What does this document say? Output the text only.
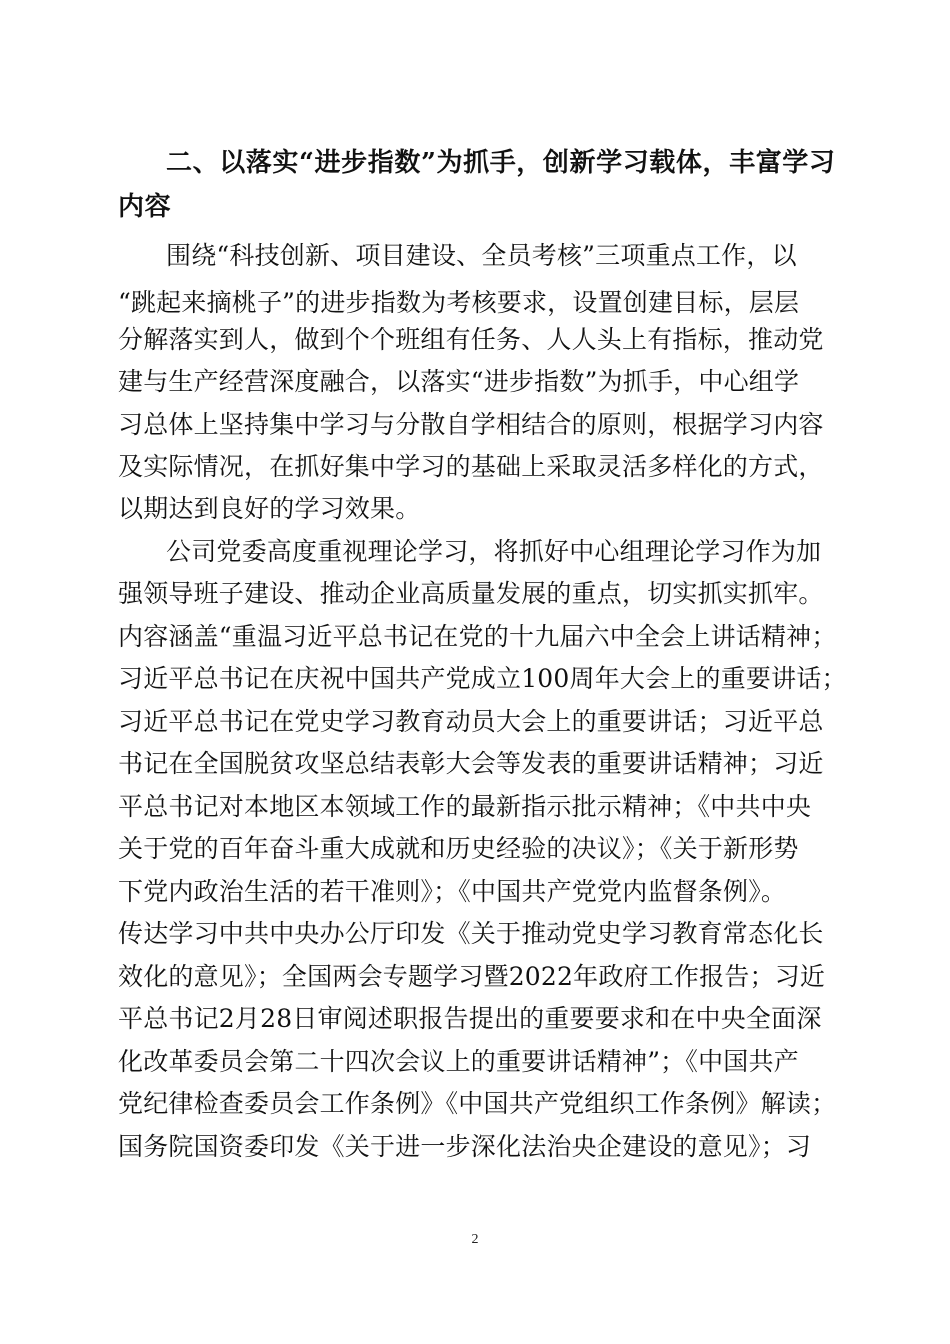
二、以落实“进步指数”为抓手，创新学习载体，丰富学习
内容
围绕“科技创新、项目建设、全员考核”三项重点工作，以
“跳起来摘桃子”的进步指数为考核要求，设置创建目标，层层
分解落实到人，做到个个班组有任务、人人头上有指标，推动党
建与生产经营深度融合，以落实“进步指数”为抓手，中心组学
习总体上坚持集中学习与分散自学相结合的原则，根据学习内容
及实际情况，在抓好集中学习的基础上采取灵活多样化的方式，
以期达到良好的学习效果。
公司党委高度重视理论学习，将抓好中心组理论学习作为加
强领导班子建设、推动企业高质量发展的重点，切实抓实抓牢。
内容涵盖“重温习近平总书记在党的十九届六中全会上讲话精神；
习近平总书记在庆祝中国共产党成立100周年大会上的重要讲话；
习近平总书记在党史学习教育动员大会上的重要讲话；习近平总
书记在全国脱贫攻坚总结表彰大会等发表的重要讲话精神；习近
平总书记对本地区本领域工作的最新指示批示精神；《中共中央
关于党的百年奋斗重大成就和历史经验的决议》；《关于新形势
下党内政治生活的若干准则》；《中国共产党党内监督条例》。
传达学习中共中央办公厅印发《关于推动党史学习教育常态化长
效化的意见》；全国两会专题学习暨2022年政府工作报告；习近
平总书记2月28日审阅述职报告提出的重要要求和在中央全面深
化改革委员会第二十四次会议上的重要讲话精神”；《中国共产
党纪律检查委员会工作条例》《中国共产党组织工作条例》解读；
国务院国资委印发《关于进一步深化法治央企建设的意见》；习
2
